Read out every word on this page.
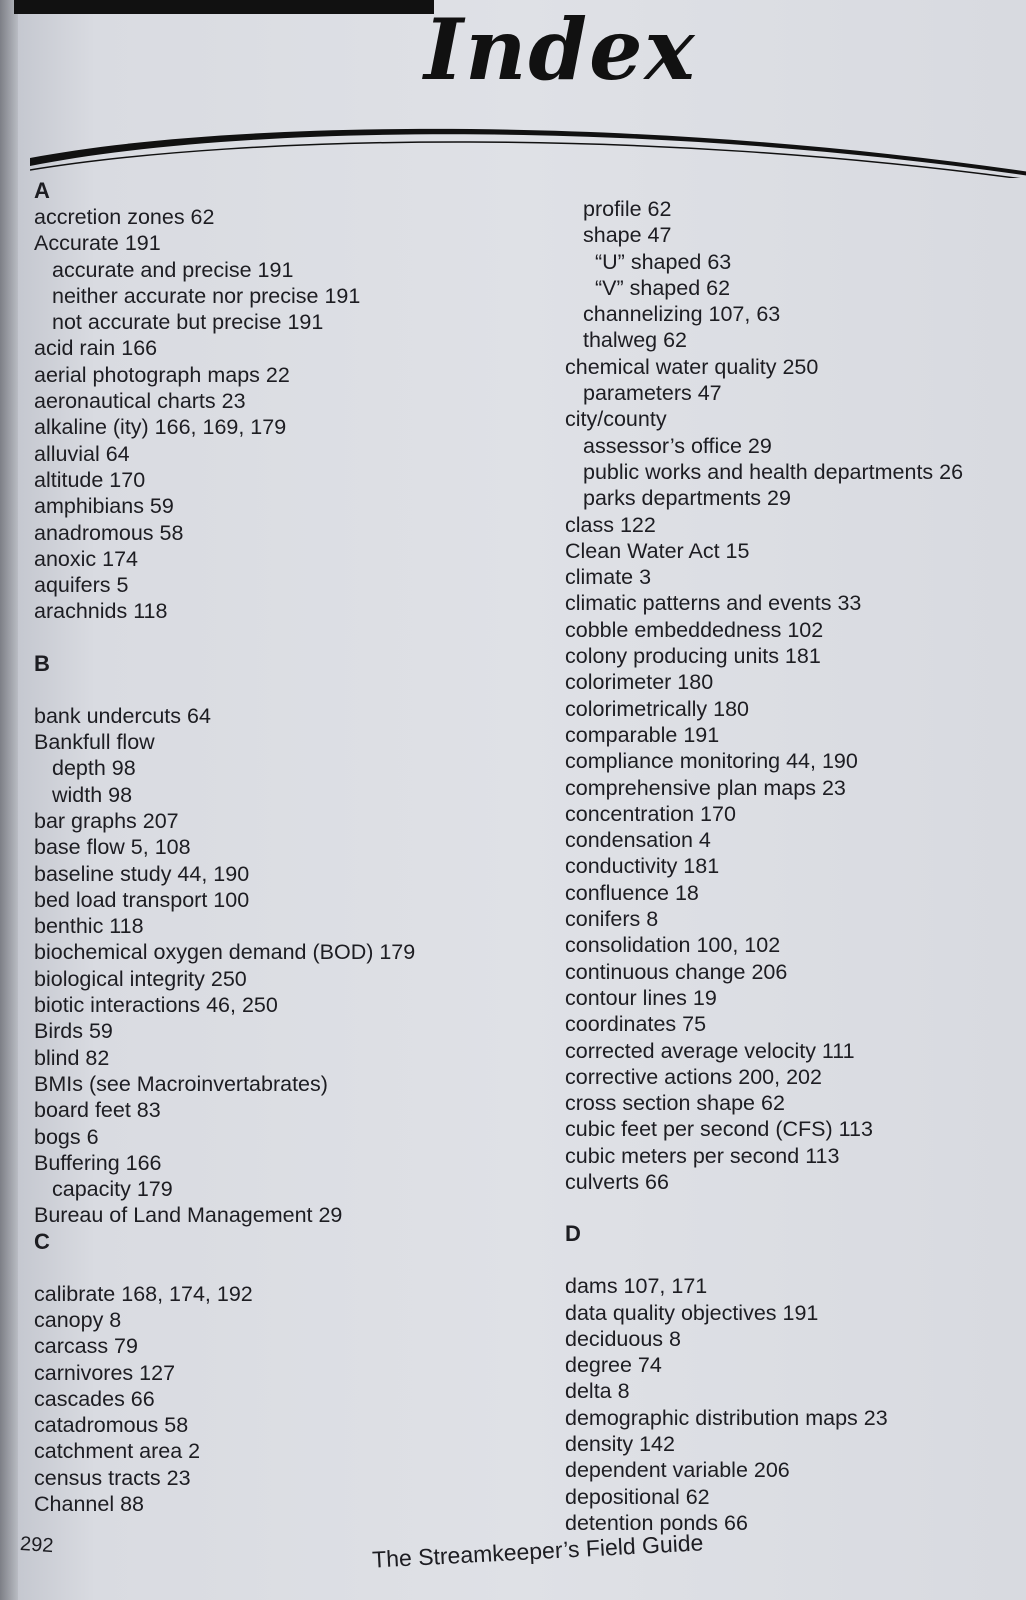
Index
A
accretion zones 62
Accurate 191
accurate and precise 191
neither accurate nor precise 191
not accurate but precise 191
acid rain 166
aerial photograph maps 22
aeronautical charts 23
alkaline (ity) 166, 169, 179
alluvial 64
altitude 170
amphibians 59
anadromous 58
anoxic 174
aquifers 5
arachnids 118
B
bank undercuts 64
Bankfull flow
depth 98
width 98
bar graphs 207
base flow 5, 108
baseline study 44, 190
bed load transport 100
benthic 118
biochemical oxygen demand (BOD) 179
biological integrity 250
biotic interactions 46, 250
Birds 59
blind 82
BMIs (see Macroinvertabrates)
board feet 83
bogs 6
Buffering 166
capacity 179
Bureau of Land Management 29
C
calibrate 168, 174, 192
canopy 8
carcass 79
carnivores 127
cascades 66
catadromous 58
catchment area 2
census tracts 23
Channel 88
profile 62
shape 47
“U” shaped 63
“V” shaped 62
channelizing 107, 63
thalweg 62
chemical water quality 250
parameters 47
city/county
assessor’s office 29
public works and health departments 26
parks departments 29
class 122
Clean Water Act 15
climate 3
climatic patterns and events 33
cobble embeddedness 102
colony producing units 181
colorimeter 180
colorimetrically 180
comparable 191
compliance monitoring 44, 190
comprehensive plan maps 23
concentration 170
condensation 4
conductivity 181
confluence 18
conifers 8
consolidation 100, 102
continuous change 206
contour lines 19
coordinates 75
corrected average velocity 111
corrective actions 200, 202
cross section shape 62
cubic feet per second (CFS) 113
cubic meters per second 113
culverts 66
D
dams 107, 171
data quality objectives 191
deciduous 8
degree 74
delta 8
demographic distribution maps 23
density 142
dependent variable 206
depositional 62
detention ponds 66
292	The Streamkeeper’s Field Guide
